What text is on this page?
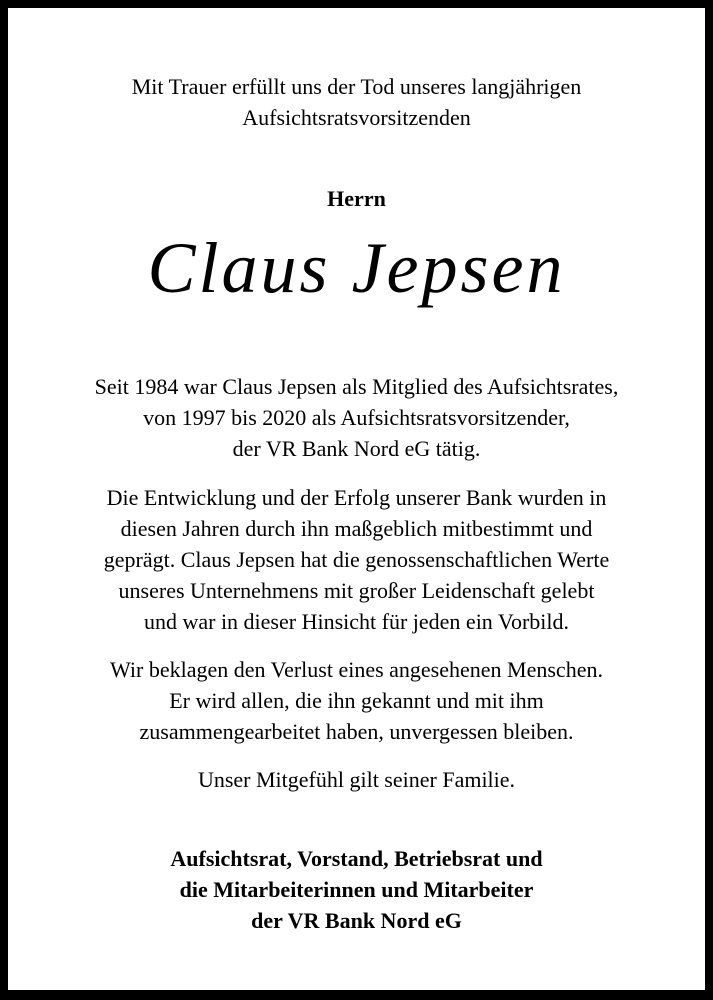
Mit Trauer erfüllt uns der Tod unseres langjährigen
Aufsichtsratsvorsitzenden
Herrn
Claus Jepsen
Seit 1984 war Claus Jepsen als Mitglied des Aufsichtsrates,
von 1997 bis 2020 als Aufsichtsratsvorsitzender,
der VR Bank Nord eG tätig.
Die Entwicklung und der Erfolg unserer Bank wurden in
diesen Jahren durch ihn maßgeblich mitbestimmt und
geprägt. Claus Jepsen hat die genossenschaftlichen Werte
unseres Unternehmens mit großer Leidenschaft gelebt
und war in dieser Hinsicht für jeden ein Vorbild.
Wir beklagen den Verlust eines angesehenen Menschen.
Er wird allen, die ihn gekannt und mit ihm
zusammengearbeitet haben, unvergessen bleiben.
Unser Mitgefühl gilt seiner Familie.
Aufsichtsrat, Vorstand, Betriebsrat und
die Mitarbeiterinnen und Mitarbeiter
der VR Bank Nord eG
